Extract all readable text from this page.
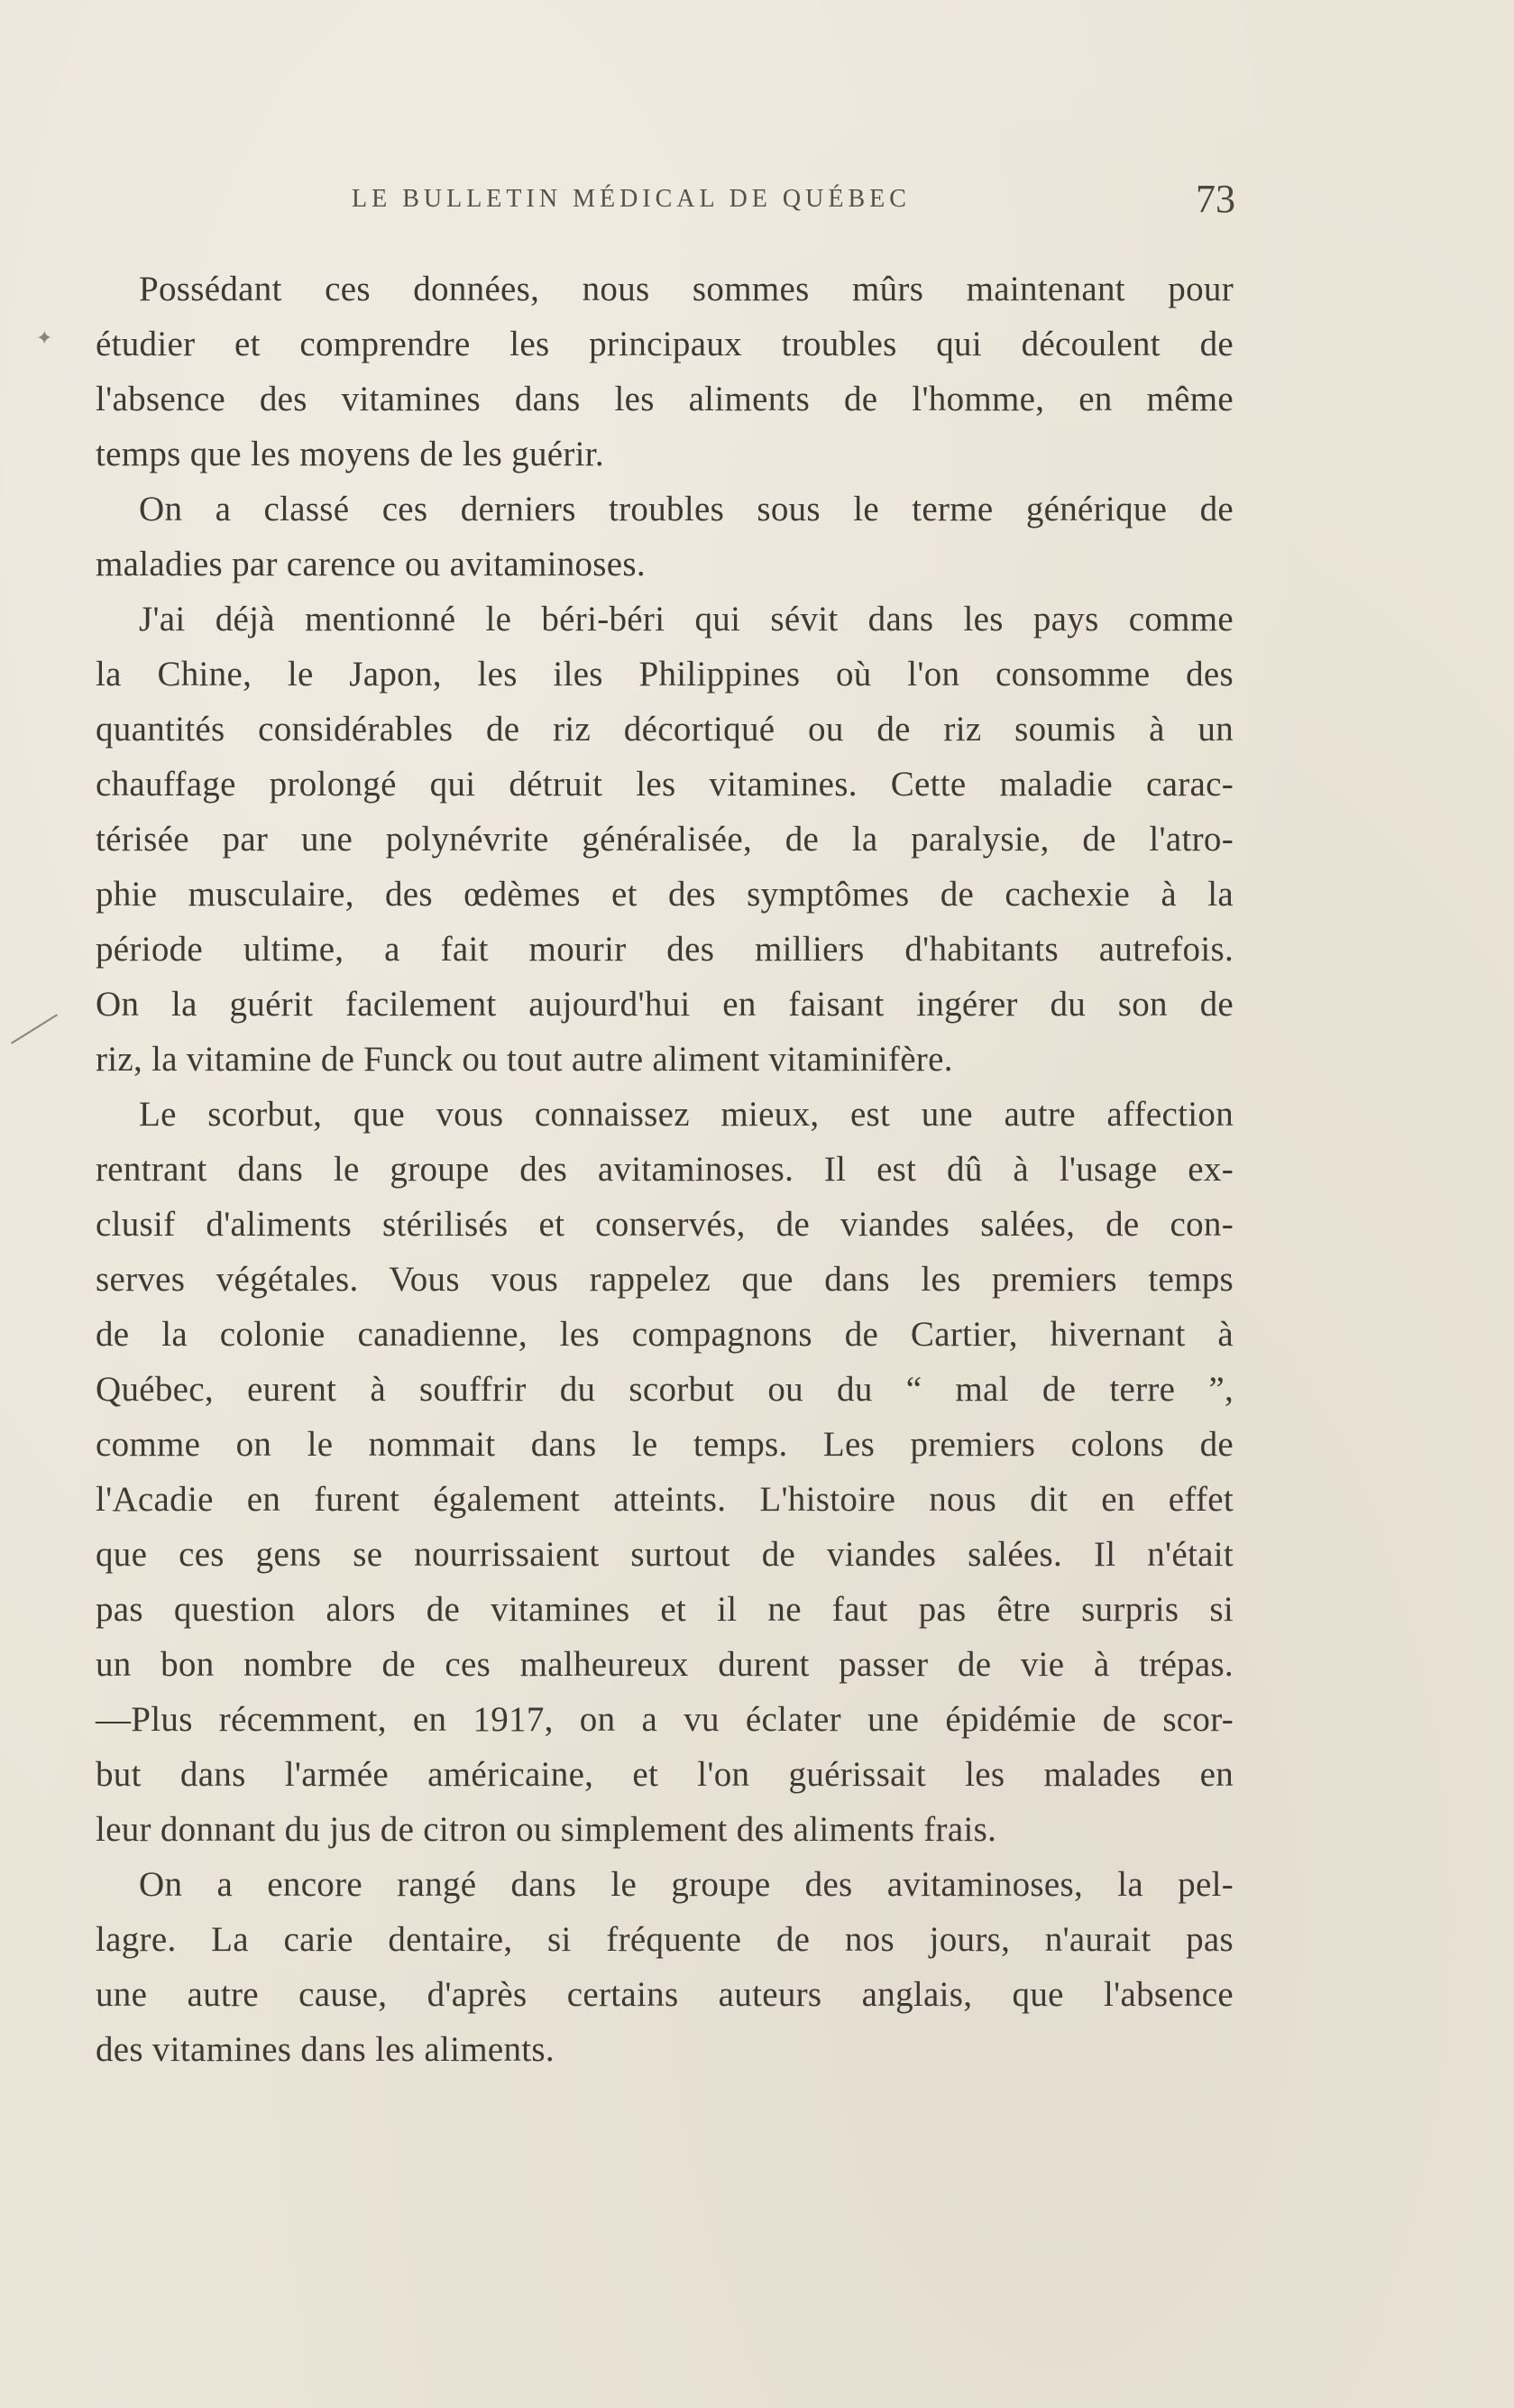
LE BULLETIN MÉDICAL DE QUÉBEC	73
✦
Possédant ces données, nous sommes mûrs maintenant pour
étudier et comprendre les principaux troubles qui découlent de
l'absence des vitamines dans les aliments de l'homme, en même
temps que les moyens de les guérir.
On a classé ces derniers troubles sous le terme générique de
maladies par carence ou avitaminoses.
J'ai déjà mentionné le béri-béri qui sévit dans les pays comme
la Chine, le Japon, les iles Philippines où l'on consomme des
quantités considérables de riz décortiqué ou de riz soumis à un
chauffage prolongé qui détruit les vitamines. Cette maladie carac-
térisée par une polynévrite généralisée, de la paralysie, de l'atro-
phie musculaire, des œdèmes et des symptômes de cachexie à la
période ultime, a fait mourir des milliers d'habitants autrefois.
On la guérit facilement aujourd'hui en faisant ingérer du son de
riz, la vitamine de Funck ou tout autre aliment vitaminifère.
Le scorbut, que vous connaissez mieux, est une autre affection
rentrant dans le groupe des avitaminoses. Il est dû à l'usage ex-
clusif d'aliments stérilisés et conservés, de viandes salées, de con-
serves végétales. Vous vous rappelez que dans les premiers temps
de la colonie canadienne, les compagnons de Cartier, hivernant à
Québec, eurent à souffrir du scorbut ou du “ mal de terre ”,
comme on le nommait dans le temps. Les premiers colons de
l'Acadie en furent également atteints. L'histoire nous dit en effet
que ces gens se nourrissaient surtout de viandes salées. Il n'était
pas question alors de vitamines et il ne faut pas être surpris si
un bon nombre de ces malheureux durent passer de vie à trépas.
—Plus récemment, en 1917, on a vu éclater une épidémie de scor-
but dans l'armée américaine, et l'on guérissait les malades en
leur donnant du jus de citron ou simplement des aliments frais.
On a encore rangé dans le groupe des avitaminoses, la pel-
lagre. La carie dentaire, si fréquente de nos jours, n'aurait pas
une autre cause, d'après certains auteurs anglais, que l'absence
des vitamines dans les aliments.
